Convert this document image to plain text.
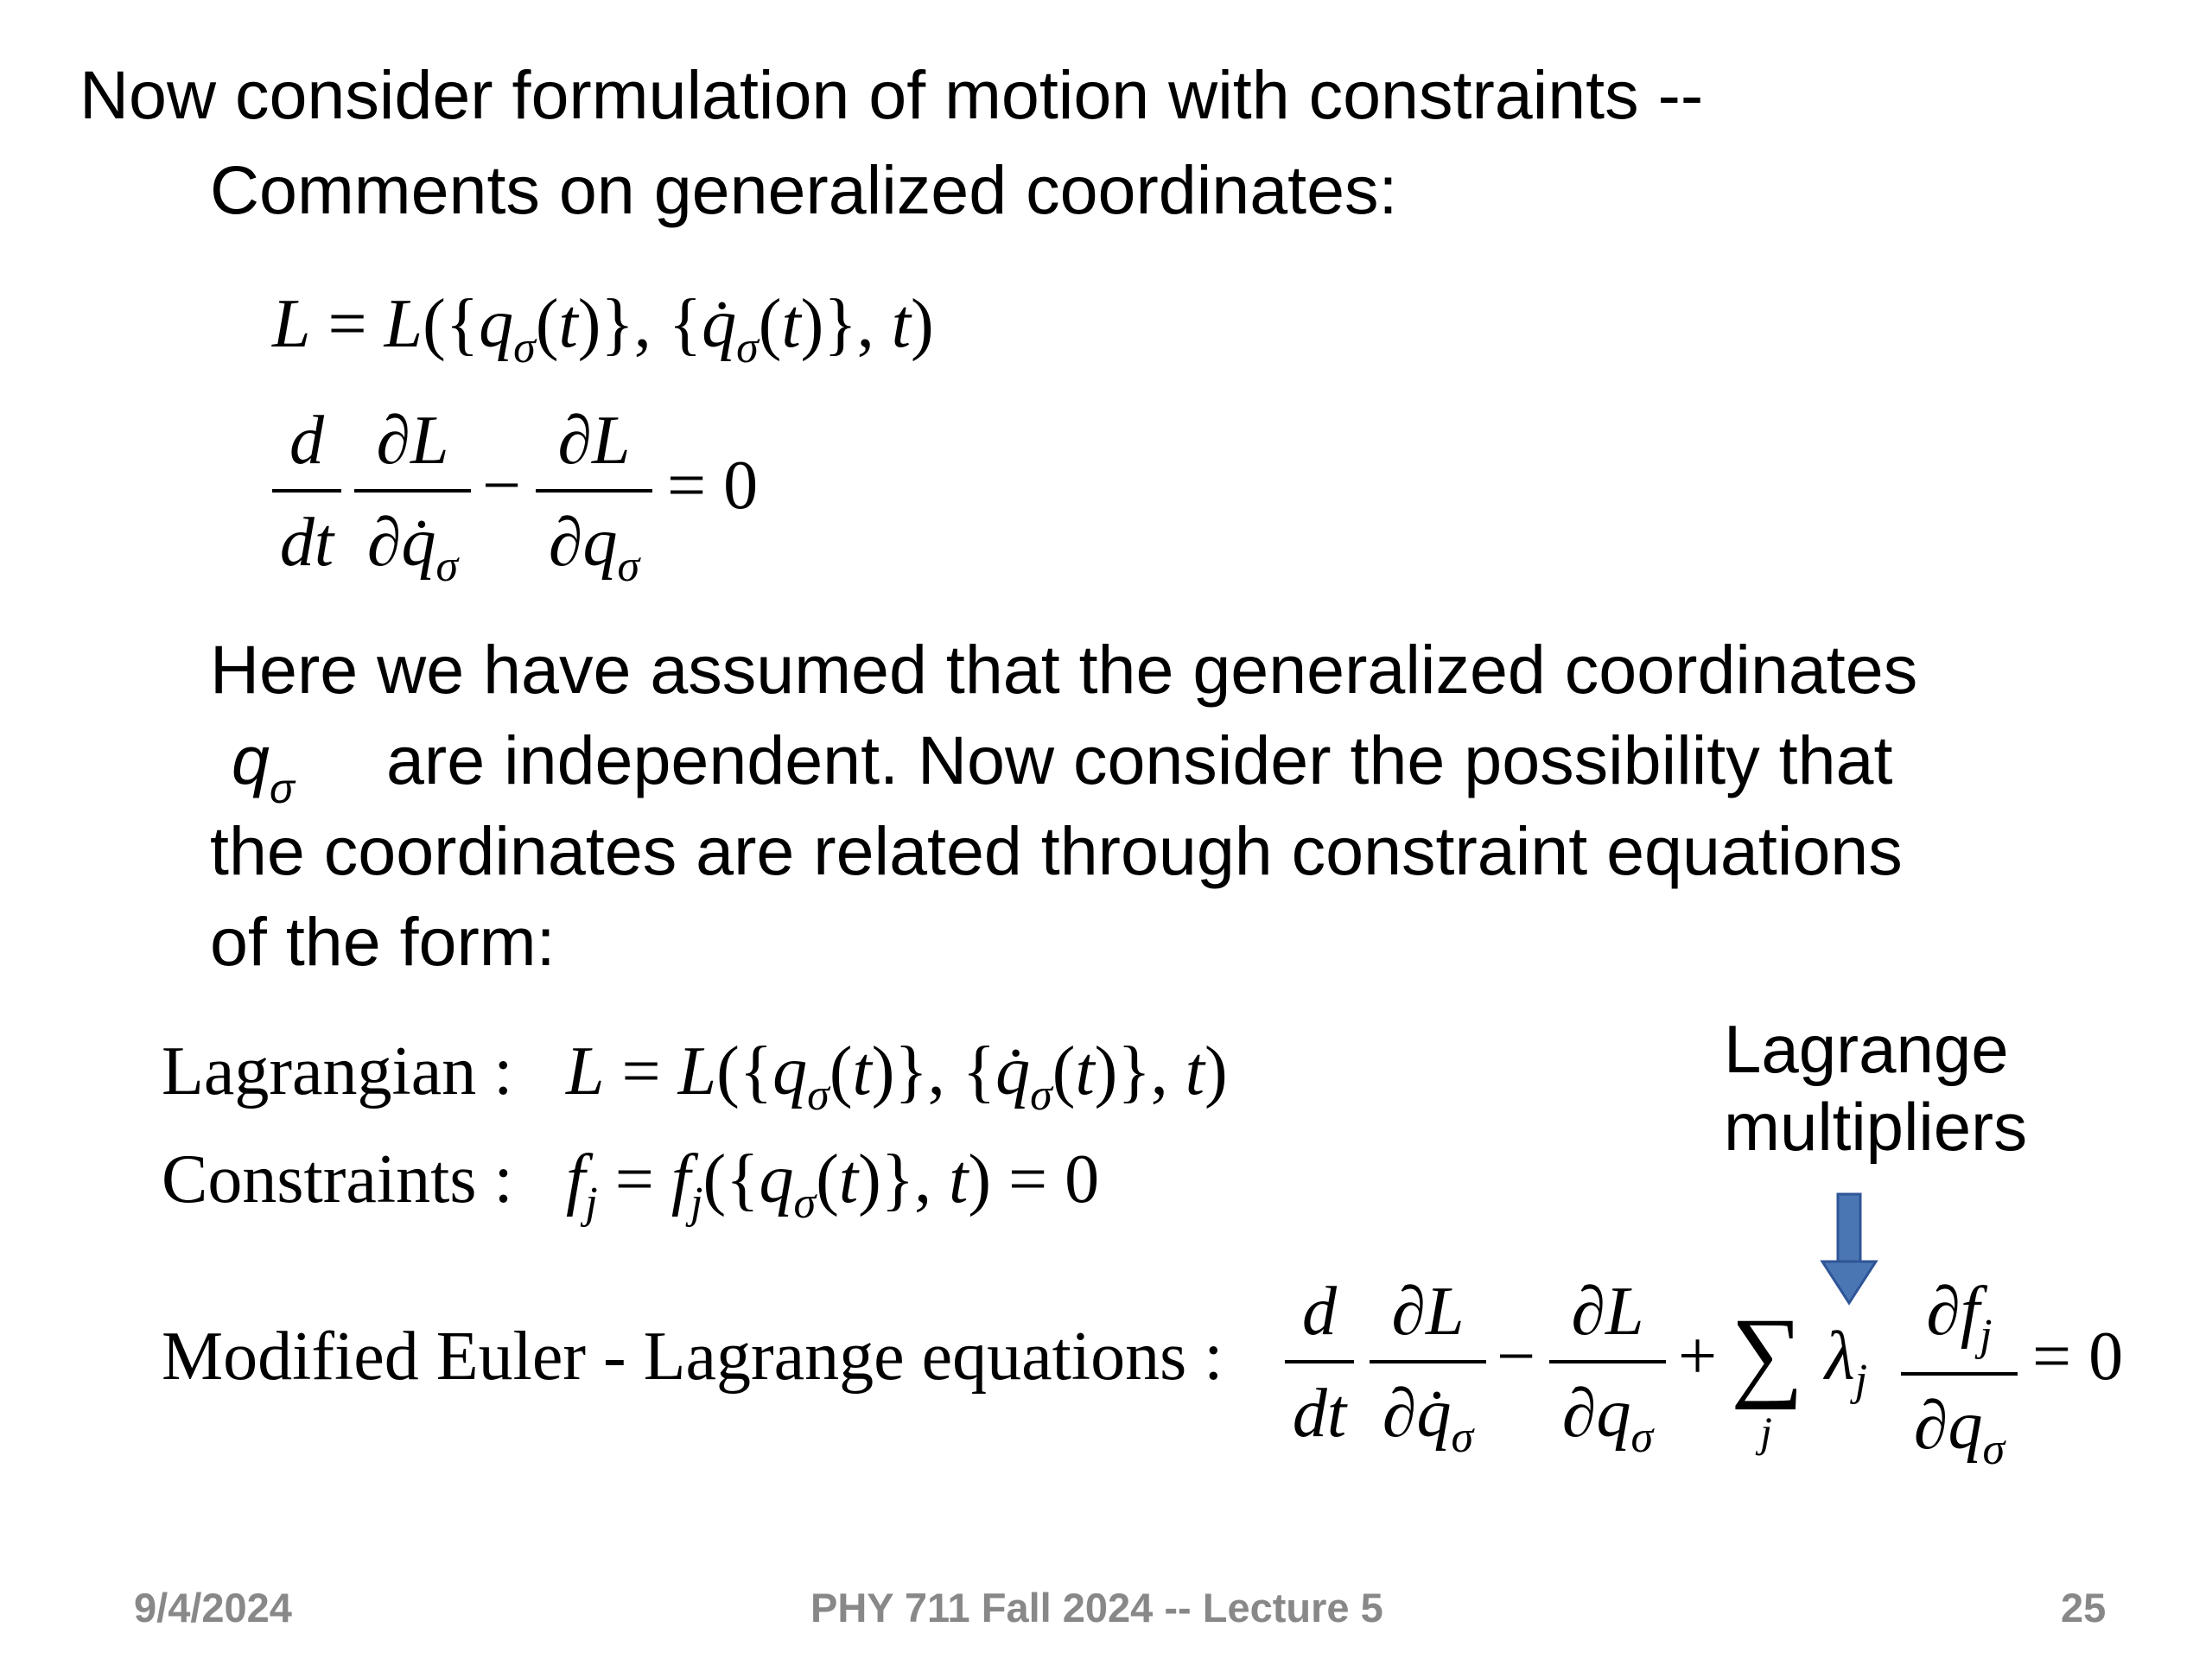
Now consider formulation of motion with constraints --
Comments on generalized coordinates:
$L = L(\{q_\sigma(t)\}$, $\{q̇_\sigma(t)\}$, t)
d
dt
∂L
$\partial q̇_\sigma$
−
∂L
$\partial q_\sigma$
= 0
Here we have assumed that the generalized coordinates
$q_\sigma$ are independent. Now consider the possibility that
the coordinates are related through constraint equations
of the form:
Lagrangian : $L = L(\{q_\sigma(t)\}$, $\{q̇_\sigma(t)\}$, t)
Constraints : $f_j = f_j(\{q_\sigma(t)\}$, t) = 0
Lagrange
multipliers
Modified Euler - Lagrange equations :
d
dt
∂L
$\partial q̇_\sigma$
−
∂L
$\partial q_\sigma$
+ ∑
j
$\lambda_j$
$\partial f_j$
$\partial q_\sigma$
= 0
9/4/2024	PHY 711 Fall 2024 -- Lecture 5	25
